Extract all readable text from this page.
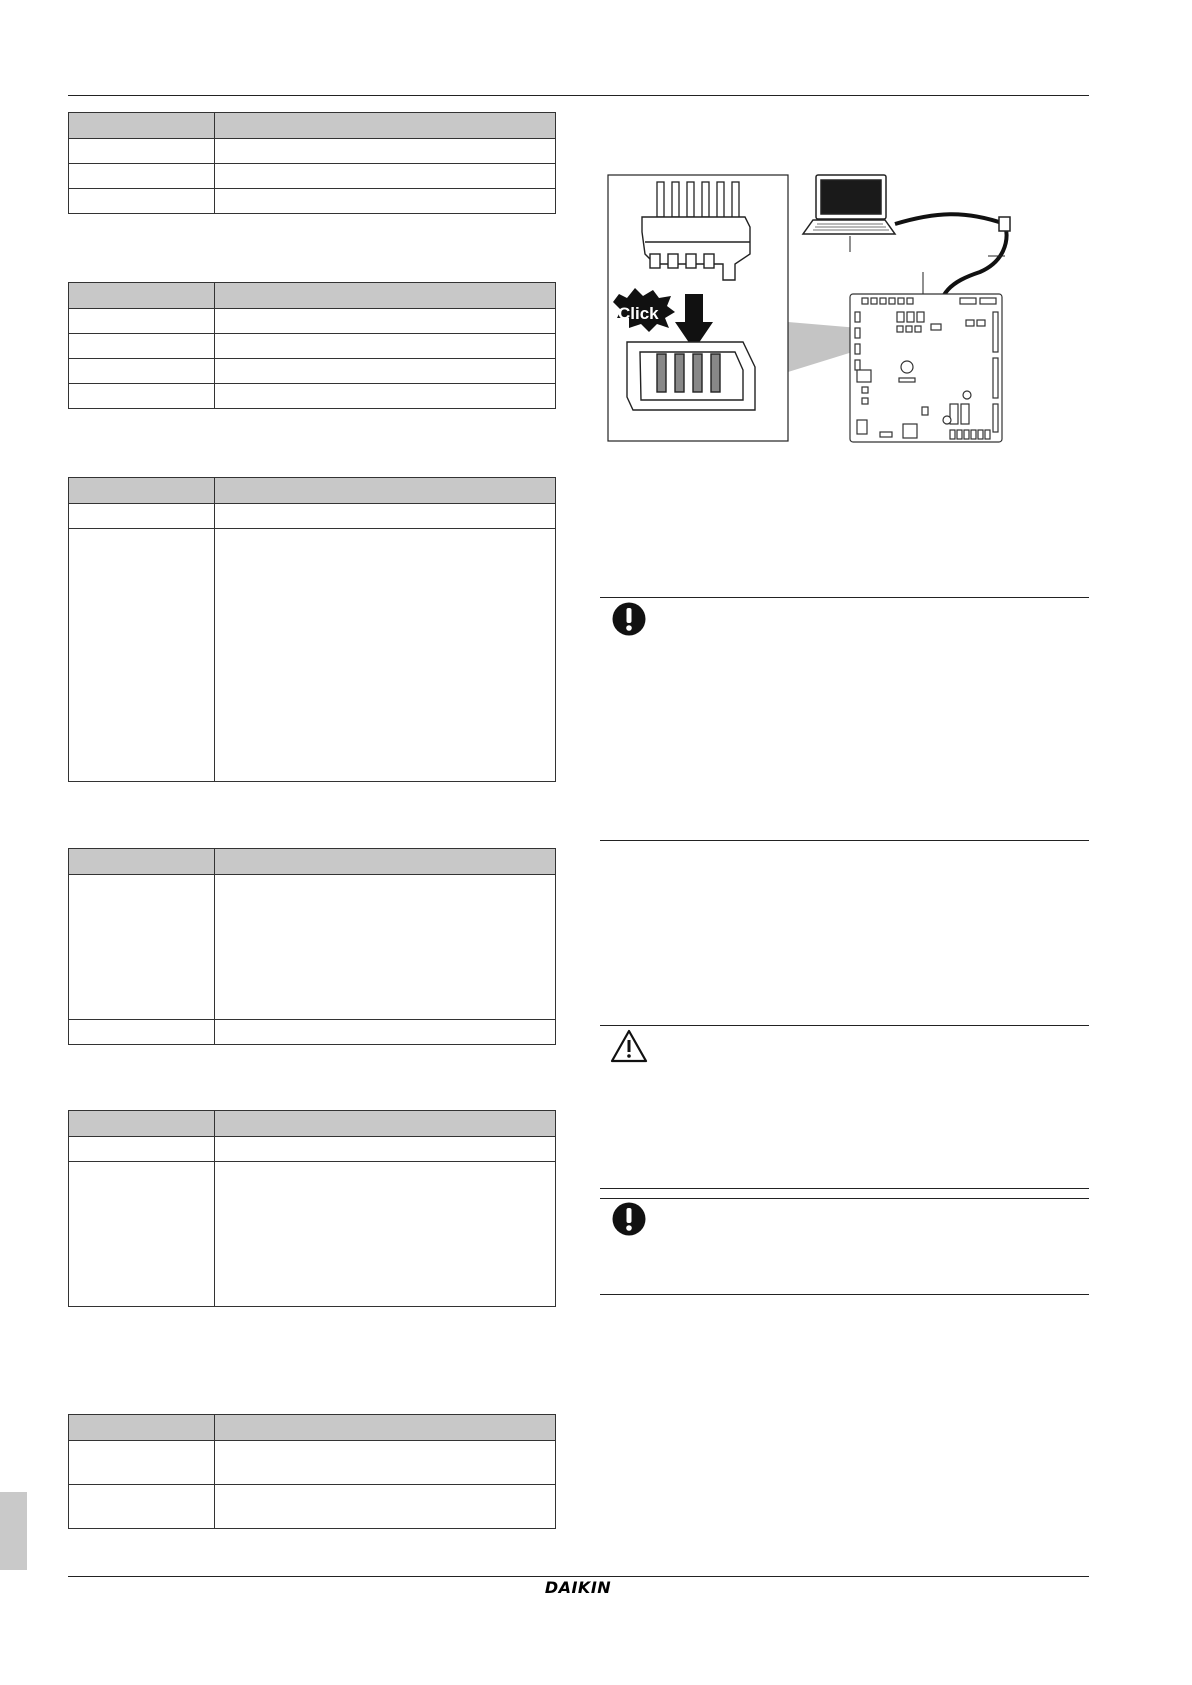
Click
DAIKIN
